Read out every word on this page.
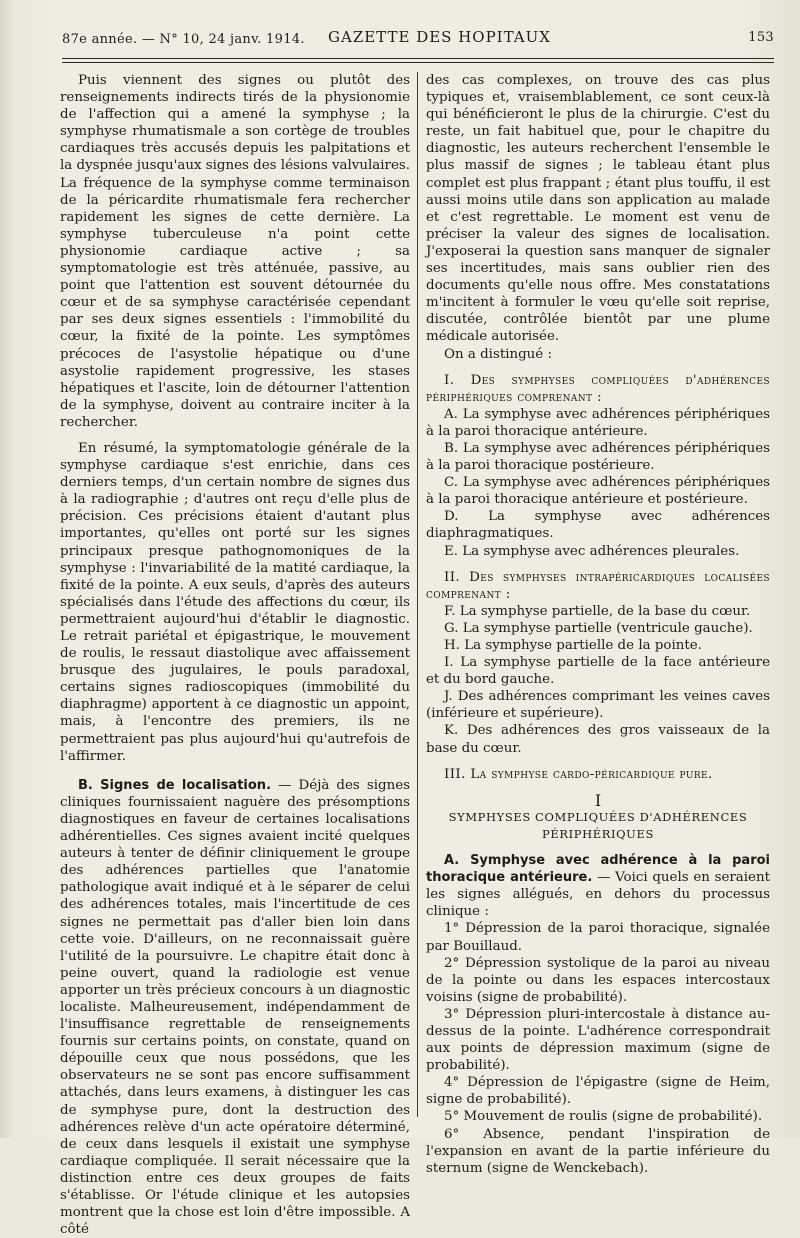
87e année. — N° 10, 24 janv. 1914. GAZETTE DES HOPITAUX	153

Puis viennent des signes ou plutôt des renseignements indirects tirés de la physionomie de l'affection qui a amené la symphyse ; la symphyse rhumatismale a son cortège de troubles cardiaques très accusés depuis les palpitations et la dyspnée jusqu'aux signes des lésions valvulaires. La fréquence de la symphyse comme terminaison de la péricardite rhumatismale fera rechercher rapidement les signes de cette dernière. La symphyse tuberculeuse n'a point cette physionomie cardiaque active ; sa symptomatologie est très atténuée, passive, au point que l'attention est souvent détournée du cœur et de sa symphyse caractérisée cependant par ses deux signes essentiels : l'immobilité du cœur, la fixité de la pointe. Les symptômes précoces de l'asystolie hépatique ou d'une asystolie rapidement progressive, les stases hépatiques et l'ascite, loin de détourner l'attention de la symphyse, doivent au contraire inciter à la rechercher.

En résumé, la symptomatologie générale de la symphyse cardiaque s'est enrichie, dans ces derniers temps, d'un certain nombre de signes dus à la radiographie ; d'autres ont reçu d'elle plus de précision. Ces précisions étaient d'autant plus importantes, qu'elles ont porté sur les signes principaux presque pathognomoniques de la symphyse : l'invariabilité de la matité cardiaque, la fixité de la pointe. A eux seuls, d'après des auteurs spécialisés dans l'étude des affections du cœur, ils permettraient aujourd'hui d'établir le diagnostic. Le retrait pariétal et épigastrique, le mouvement de roulis, le ressaut diastolique avec affaissement brusque des jugulaires, le pouls paradoxal, certains signes radioscopiques (immobilité du diaphragme) apportent à ce diagnostic un appoint, mais, à l'encontre des premiers, ils ne permettraient pas plus aujourd'hui qu'autrefois de l'affirmer.

B. Signes de localisation. — Déjà des signes cliniques fournissaient naguère des présomptions diagnostiques en faveur de certaines localisations adhérentielles. Ces signes avaient incité quelques auteurs à tenter de définir cliniquement le groupe des adhérences partielles que l'anatomie pathologique avait indiqué et à le séparer de celui des adhérences totales, mais l'incertitude de ces signes ne permettait pas d'aller bien loin dans cette voie. D'ailleurs, on ne reconnaissait guère l'utilité de la poursuivre. Le chapitre était donc à peine ouvert, quand la radiologie est venue apporter un très précieux concours à un diagnostic localiste. Malheureusement, indépendamment de l'insuffisance regrettable de renseignements fournis sur certains points, on constate, quand on dépouille ceux que nous possédons, que les observateurs ne se sont pas encore suffisamment attachés, dans leurs examens, à distinguer les cas de symphyse pure, dont la destruction des adhérences relève d'un acte opératoire déterminé, de ceux dans lesquels il existait une symphyse cardiaque compliquée. Il serait nécessaire que la distinction entre ces deux groupes de faits s'établisse. Or l'étude clinique et les autopsies montrent que la chose est loin d'être impossible. A côté

des cas complexes, on trouve des cas plus typiques et, vraisemblablement, ce sont ceux-là qui bénéficieront le plus de la chirurgie. C'est du reste, un fait habituel que, pour le chapitre du diagnostic, les auteurs recherchent l'ensemble le plus massif de signes ; le tableau étant plus complet est plus frappant ; étant plus touffu, il est aussi moins utile dans son application au malade et c'est regrettable. Le moment est venu de préciser la valeur des signes de localisation. J'exposerai la question sans manquer de signaler ses incertitudes, mais sans oublier rien des documents qu'elle nous offre. Mes constatations m'incitent à formuler le vœu qu'elle soit reprise, discutée, contrôlée bientôt par une plume médicale autorisée.

On a distingué :

I. Des symphyses compliquées d'adhérences périphériques comprenant :

A. La symphyse avec adhérences périphériques à la paroi thoracique antérieure.

B. La symphyse avec adhérences périphériques à la paroi thoracique postérieure.

C. La symphyse avec adhérences périphériques à la paroi thoracique antérieure et postérieure.

D. La symphyse avec adhérences diaphragmatiques.

E. La symphyse avec adhérences pleurales.

II. Des symphyses intrapéricardiques localisées comprenant :

F. La symphyse partielle, de la base du cœur.

G. La symphyse partielle (ventricule gauche).

H. La symphyse partielle de la pointe.

I. La symphyse partielle de la face antérieure et du bord gauche.

J. Des adhérences comprimant les veines caves (inférieure et supérieure).

K. Des adhérences des gros vaisseaux de la base du cœur.

III. La symphyse cardo-péricardique pure.

I

SYMPHYSES COMPLIQUÉES D'ADHÉRENCES PÉRIPHÉRIQUES

A. Symphyse avec adhérence à la paroi thoracique antérieure. — Voici quels en seraient les signes allégués, en dehors du processus clinique :

1° Dépression de la paroi thoracique, signalée par Bouillaud.

2° Dépression systolique de la paroi au niveau de la pointe ou dans les espaces intercostaux voisins (signe de probabilité).

3° Dépression pluri-intercostale à distance au-dessus de la pointe. L'adhérence correspondrait aux points de dépression maximum (signe de probabilité).

4° Dépression de l'épigastre (signe de Heim, signe de probabilité).

5° Mouvement de roulis (signe de probabilité).

6° Absence, pendant l'inspiration de l'expansion en avant de la partie inférieure du sternum (signe de Wenckebach).
